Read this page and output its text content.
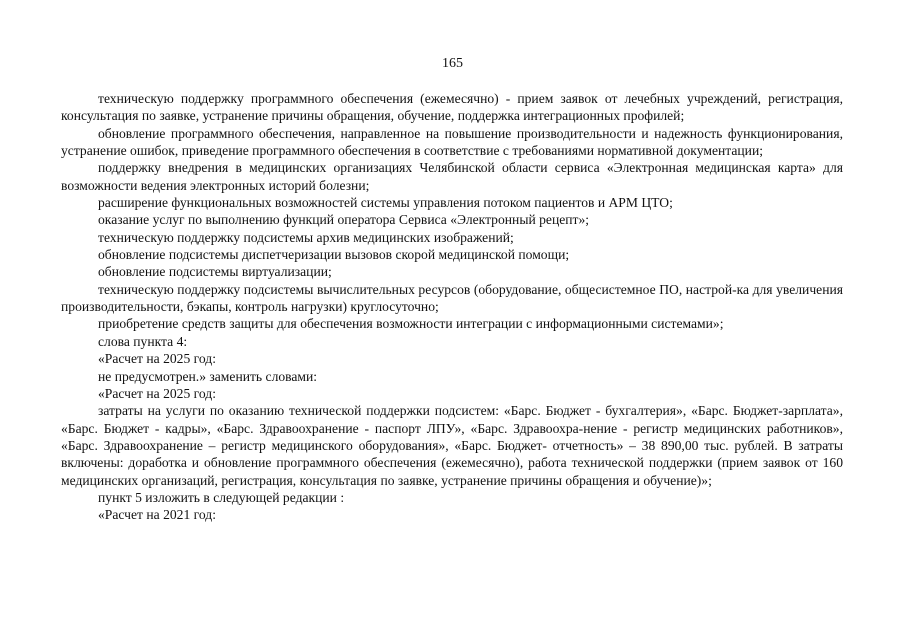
165

техническую поддержку программного обеспечения (ежемесячно) - прием заявок от лечебных учреждений, регистрация, консультация по заявке, устранение причины обращения, обучение, поддержка интеграционных профилей;

обновление программного обеспечения, направленное на повышение производительности и надежность функционирования, устранение ошибок, приведение программного обеспечения в соответствие с требованиями нормативной документации;

поддержку внедрения в медицинских организациях Челябинской области сервиса «Электронная медицинская карта» для возможности ведения электронных историй болезни;

расширение функциональных возможностей системы управления потоком пациентов и АРМ ЦТО;

оказание услуг по выполнению функций оператора Сервиса «Электронный рецепт»;

техническую поддержку подсистемы архив медицинских изображений;

обновление подсистемы диспетчеризации вызовов скорой медицинской помощи;

обновление подсистемы виртуализации;

техническую поддержку подсистемы вычислительных ресурсов (оборудование, общесистемное ПО, настрой-ка для увеличения производительности, бэкапы, контроль нагрузки) круглосуточно;

приобретение средств защиты для обеспечения возможности интеграции с информационными системами»;

слова пункта 4:

«Расчет на 2025 год:

не предусмотрен.» заменить словами:

«Расчет на 2025 год:

затраты на услуги по оказанию технической поддержки подсистем: «Барс. Бюджет - бухгалтерия», «Барс. Бюджет-зарплата», «Барс. Бюджет - кадры», «Барс. Здравоохранение - паспорт ЛПУ», «Барс. Здравоохра-нение - регистр медицинских работников», «Барс. Здравоохранение – регистр медицинского оборудования», «Барс. Бюджет- отчетность» – 38 890,00 тыс. рублей. В затраты включены: доработка и обновление программного обеспечения (ежемесячно), работа технической поддержки (прием заявок от 160 медицинских организаций, регистрация, консультация по заявке, устранение причины обращения и обучение)»;

пункт 5 изложить в следующей редакции :

«Расчет на 2021 год:
